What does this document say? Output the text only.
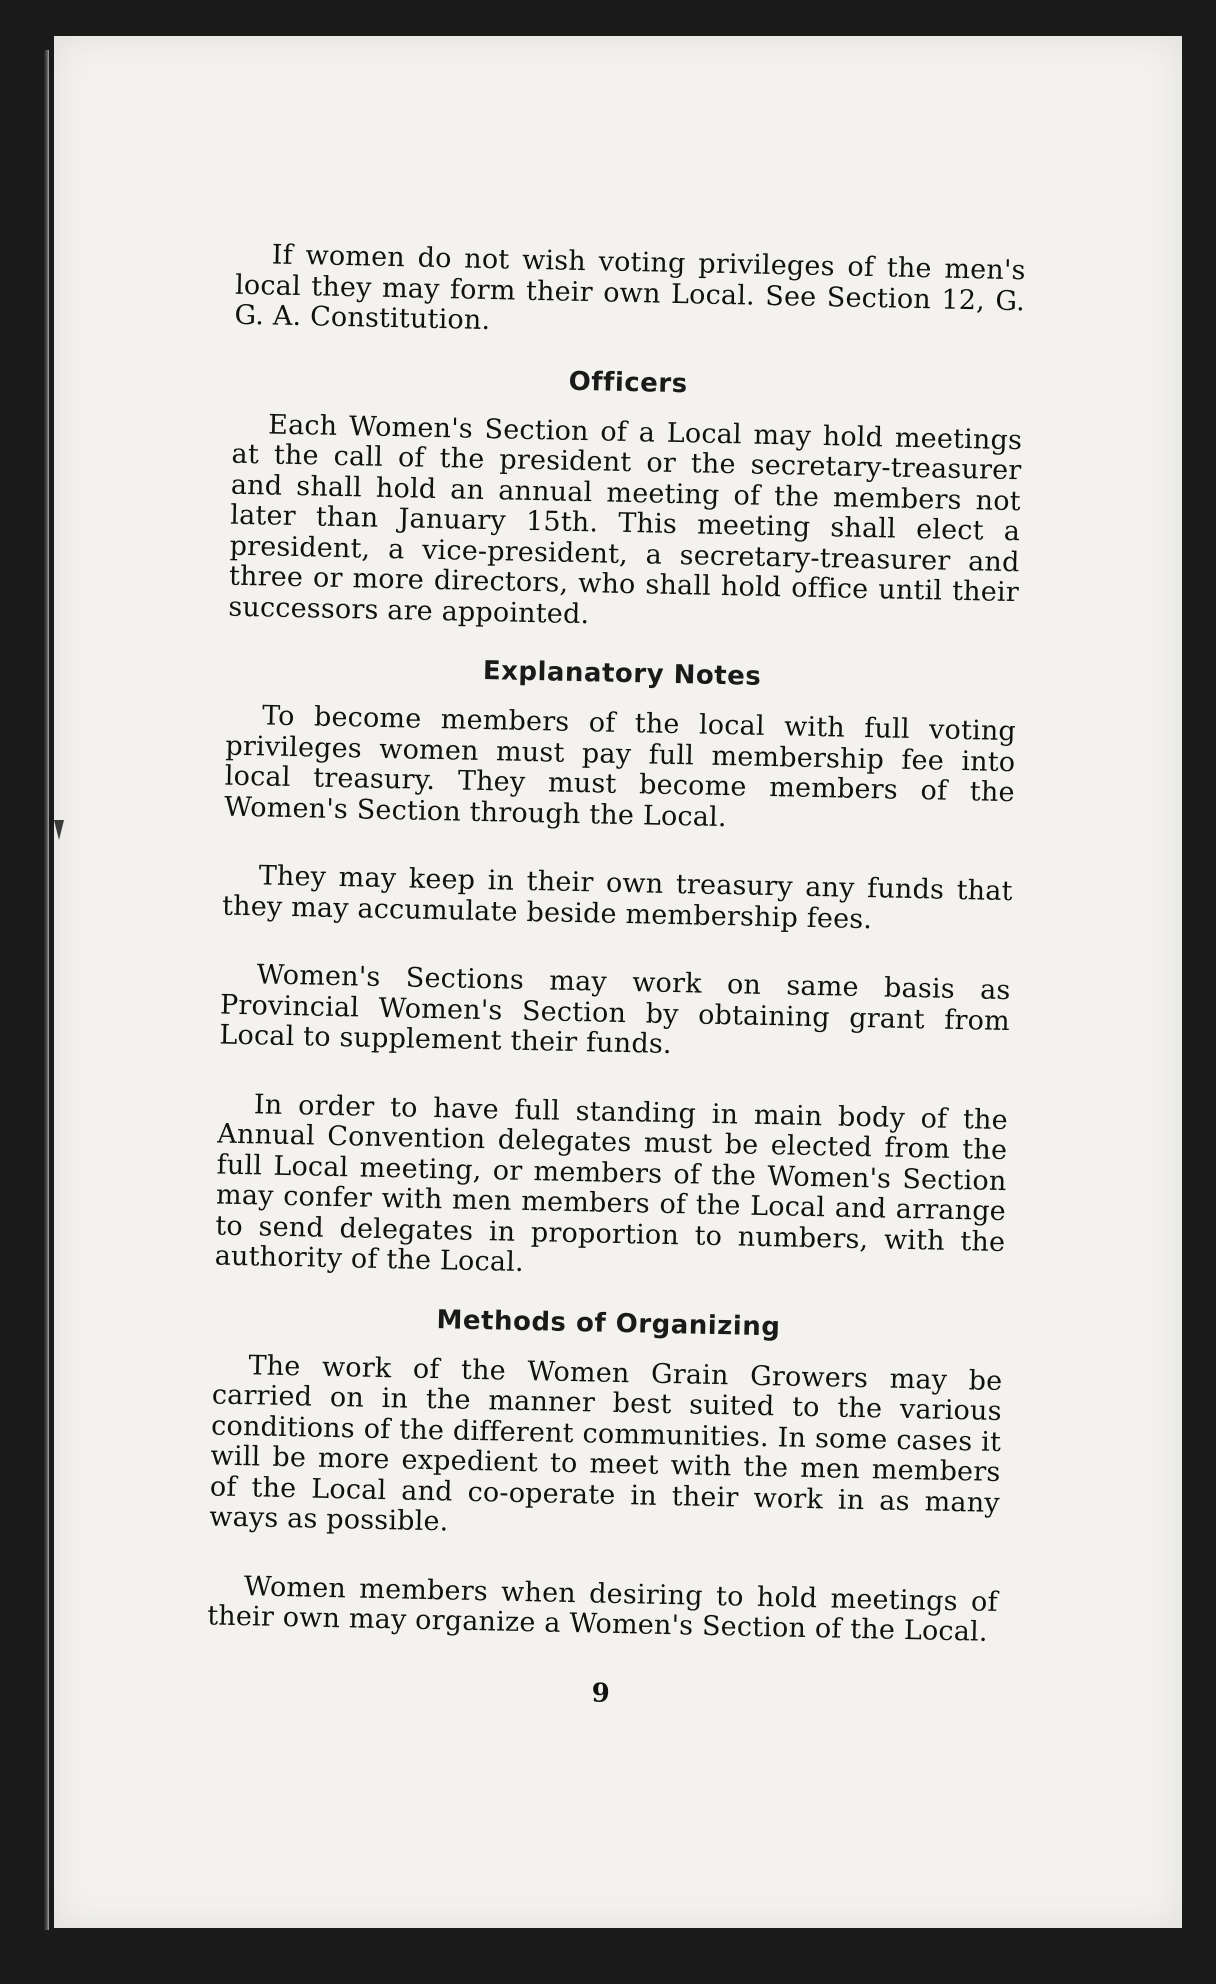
If women do not wish voting privileges of the men's local they may form their own Local. See Section 12, G. G. A. Constitution.

Officers

Each Women's Section of a Local may hold meetings at the call of the president or the secretary-treasurer and shall hold an annual meeting of the members not later than January 15th. This meeting shall elect a president, a vice-president, a secretary-treasurer and three or more directors, who shall hold office until their successors are appointed.

Explanatory Notes

To become members of the local with full voting privileges women must pay full membership fee into local treasury. They must become members of the Women's Section through the Local.

They may keep in their own treasury any funds that they may accumulate beside membership fees.

Women's Sections may work on same basis as Provincial Women's Section by obtaining grant from Local to supplement their funds.

In order to have full standing in main body of the Annual Convention delegates must be elected from the full Local meeting, or members of the Women's Section may confer with men members of the Local and arrange to send delegates in proportion to numbers, with the authority of the Local.

Methods of Organizing

The work of the Women Grain Growers may be carried on in the manner best suited to the various conditions of the different communities. In some cases it will be more expedient to meet with the men members of the Local and co-operate in their work in as many ways as possible.

Women members when desiring to hold meetings of their own may organize a Women's Section of the Local.

9
